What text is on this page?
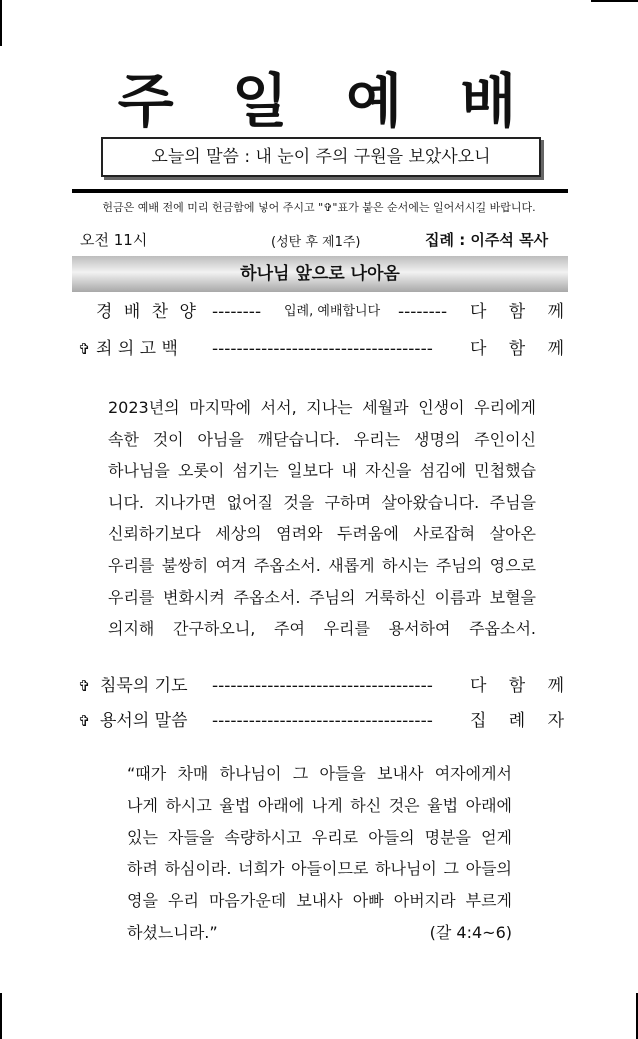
주 일 예 배
오늘의 말씀 : 내 눈이 주의 구원을 보았사오니
헌금은 예배 전에 미리 헌금함에 넣어 주시고 "✞"표가 붙은 순서에는 일어서시길 바랍니다.
오전 11시	(성탄 후 제1주)	집례 : 이주석 목사
하나님 앞으로 나아옴
경 배 찬 양 --------	입례, 예배합니다 --------	다 함 께
✞ 죄 의 고 백 ------------------------------------	다 함 께
2023년의 마지막에 서서, 지나는 세월과 인생이 우리에게
속한 것이 아님을 깨닫습니다. 우리는 생명의 주인이신
하나님을 오롯이 섬기는 일보다 내 자신을 섬김에 민첩했습
니다. 지나가면 없어질 것을 구하며 살아왔습니다. 주님을
신뢰하기보다 세상의 염려와 두려움에 사로잡혀 살아온
우리를 불쌍히 여겨 주옵소서. 새롭게 하시는 주님의 영으로
우리를 변화시켜 주옵소서. 주님의 거룩하신 이름과 보혈을
의지해 간구하오니, 주여 우리를 용서하여 주옵소서.
✞ 침묵의 기도 ------------------------------------	다 함 께
✞ 용서의 말씀 ------------------------------------	집 례 자
“때가 차매 하나님이 그 아들을 보내사 여자에게서
나게 하시고 율법 아래에 나게 하신 것은 율법 아래에
있는 자들을 속량하시고 우리로 아들의 명분을 얻게
하려 하심이라. 너희가 아들이므로 하나님이 그 아들의
영을 우리 마음가운데 보내사 아빠 아버지라 부르게
하셨느니라.”	(갈 4:4~6)
